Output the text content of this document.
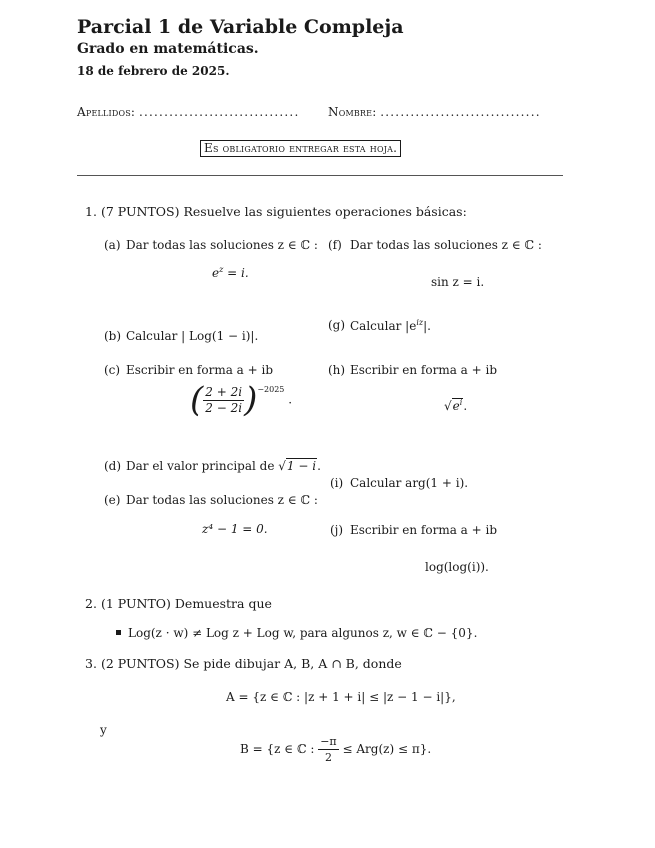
Parcial 1 de Variable Compleja
Grado en matemáticas.
18 de febrero de 2025.
Apellidos: ................................ Nombre: ................................
Es obligatorio entregar esta hoja.
1. (7 PUNTOS) Resuelve las siguientes operaciones básicas:
(a) Dar todas las soluciones z ∈ ℂ :
$e^z = i$.
(b) Calcular | Log(1 − i)|.
(c) Escribir en forma a + ib
( $\frac{2 + 2i}{2 - 2i} )^{-2025}$ .
(d) Dar el valor principal de √1 − i.
(e) Dar todas las soluciones z ∈ ℂ :
z⁴ − 1 = 0.
(f) Dar todas las soluciones z ∈ ℂ :
sin z = i.
(g) Calcular $|e^{iz}|$.
(h) Escribir en forma a + ib
$√e^i$.
(i) Calcular arg(1 + i).
(j) Escribir en forma a + ib
log(log(i)).
2. (1 PUNTO) Demuestra que
Log(z · w) ≠ Log z + Log w, para algunos z, w ∈ ℂ − {0}.
3. (2 PUNTOS) Se pide dibujar A, B, A ∩ B, donde
A = {z ∈ ℂ : |z + 1 + i| ≤ |z − 1 − i|},
y
B = {z ∈ ℂ : $\frac{-\pi}{2} \le Arg(z) \le \pi$}.
